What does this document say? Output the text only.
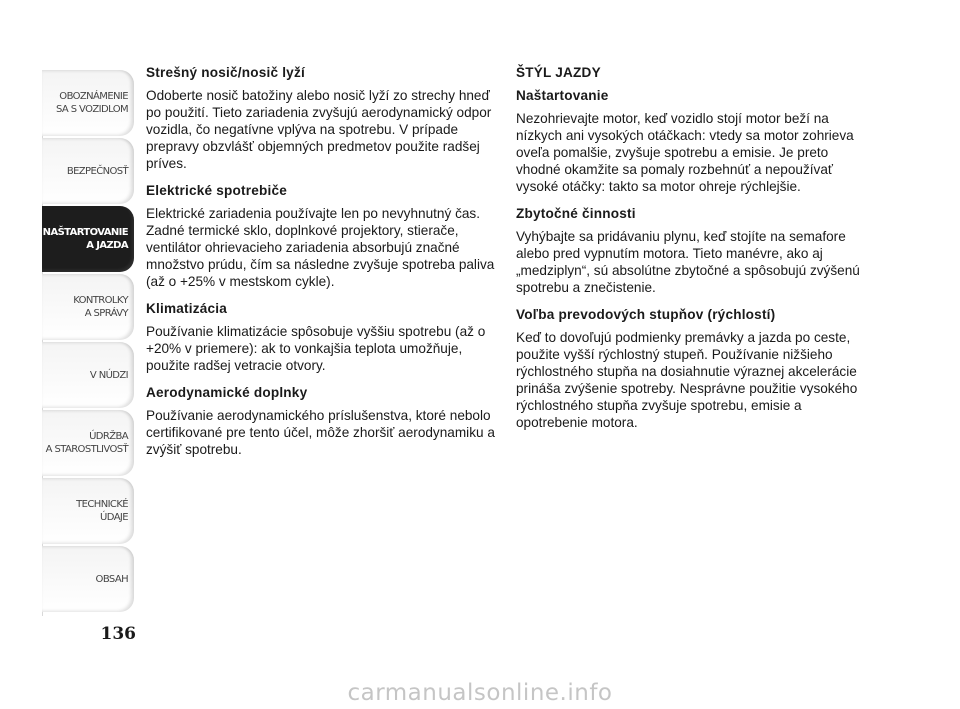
OBOZNÁMENIE
SA S VOZIDLOM
BEZPEČNOSŤ
NAŠTARTOVANIE
A JAZDA
KONTROLKY
A SPRÁVY
V NÚDZI
ÚDRŽBA
A STAROSTLIVOSŤ
TECHNICKÉ
ÚDAJE
OBSAH
136
Strešný nosič/nosič lyží

Odoberte nosič batožiny alebo nosič lyží zo strechy hneď po použití. Tieto zariadenia zvyšujú aerodynamický odpor vozidla, čo negatívne vplýva na spotrebu. V prípade prepravy obzvlášť objemných predmetov použite radšej príves.

Elektrické spotrebiče

Elektrické zariadenia používajte len po nevyhnutný čas. Zadné termické sklo, doplnkové projektory, stierače, ventilátor ohrievacieho zariadenia absorbujú značné množstvo prúdu, čím sa následne zvyšuje spotreba paliva (až o +25% v mestskom cykle).

Klimatizácia

Používanie klimatizácie spôsobuje vyššiu spotrebu (až o +20% v priemere): ak to vonkajšia teplota umožňuje, použite radšej vetracie otvory.

Aerodynamické doplnky

Používanie aerodynamického príslušenstva, ktoré nebolo certifikované pre tento účel, môže zhoršiť aerodynamiku a zvýšiť spotrebu.

ŠTÝL JAZDY
Naštartovanie

Nezohrievajte motor, keď vozidlo stojí motor beží na nízkych ani vysokých otáčkach: vtedy sa motor zohrieva oveľa pomalšie, zvyšuje spotrebu a emisie. Je preto vhodné okamžite sa pomaly rozbehnúť a nepoužívať vysoké otáčky: takto sa motor ohreje rýchlejšie.

Zbytočné činnosti

Vyhýbajte sa pridávaniu plynu, keď stojíte na semafore alebo pred vypnutím motora. Tieto manévre, ako aj „medziplyn“, sú absolútne zbytočné a spôsobujú zvýšenú spotrebu a znečistenie.

Voľba prevodových stupňov (rýchlostí)

Keď to dovoľujú podmienky premávky a jazda po ceste, použite vyšší rýchlostný stupeň. Používanie nižšieho rýchlostného stupňa na dosiahnutie výraznej akcelerácie prináša zvýšenie spotreby. Nesprávne použitie vysokého rýchlostného stupňa zvyšuje spotrebu, emisie a opotrebenie motora.

carmanualsonline.info
